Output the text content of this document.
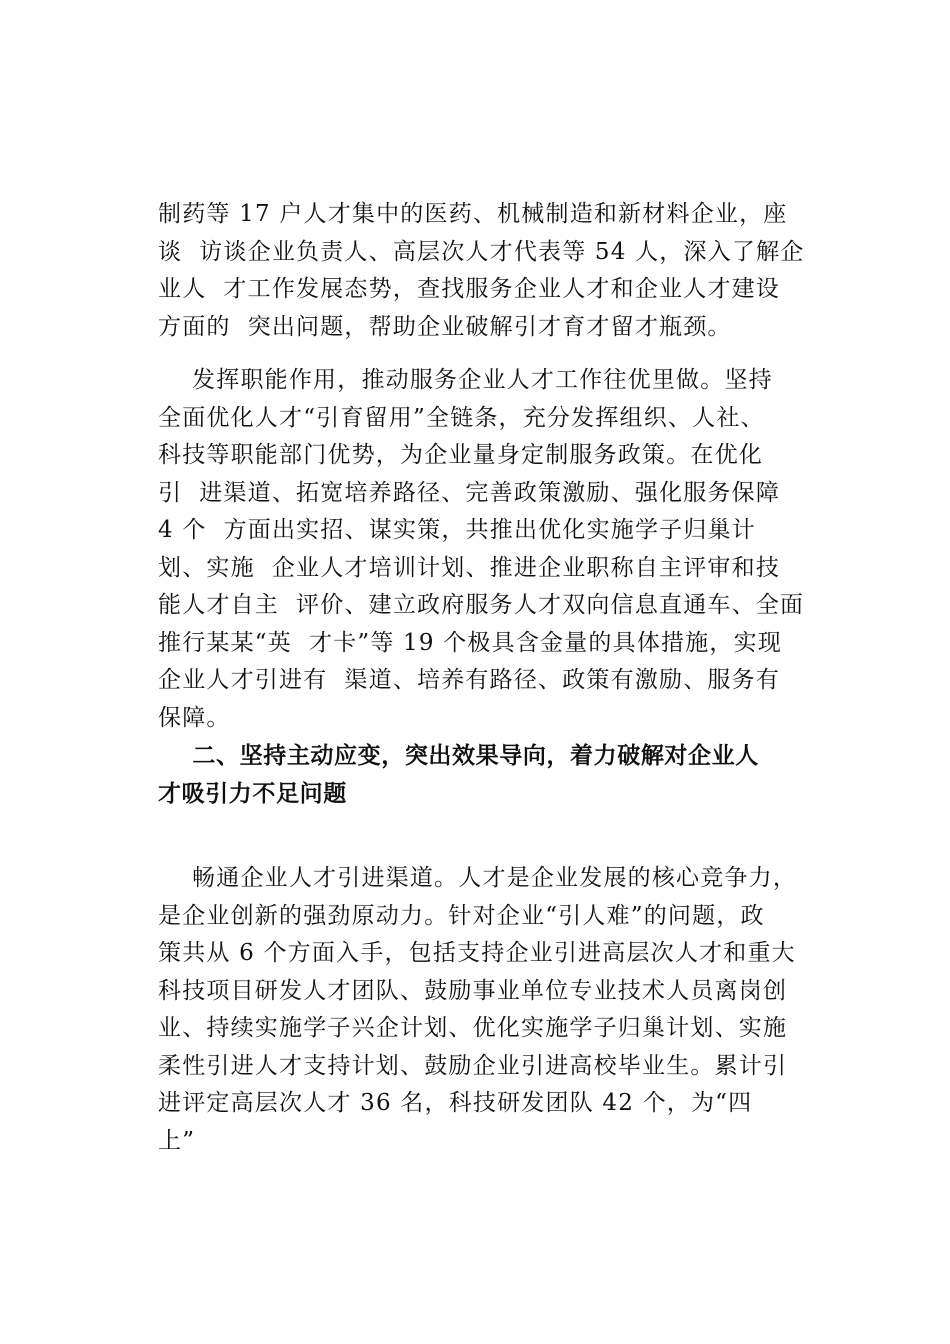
制药等 17 户人才集中的医药、机械制造和新材料企业，座
谈  访谈企业负责人、高层次人才代表等 54 人，深入了解企
业人  才工作发展态势，查找服务企业人才和企业人才建设
方面的  突出问题，帮助企业破解引才育才留才瓶颈。
发挥职能作用，推动服务企业人才工作往优里做。坚持
全面优化人才“引育留用”全链条，充分发挥组织、人社、
科技等职能部门优势，为企业量身定制服务政策。在优化
引  进渠道、拓宽培养路径、完善政策激励、强化服务保障
4 个  方面出实招、谋实策，共推出优化实施学子归巢计
划、实施  企业人才培训计划、推进企业职称自主评审和技
能人才自主  评价、建立政府服务人才双向信息直通车、全面
推行某某“英  才卡”等 19 个极具含金量的具体措施，实现
企业人才引进有  渠道、培养有路径、政策有激励、服务有
保障。
二、坚持主动应变，突出效果导向，着力破解对企业人
才吸引力不足问题
畅通企业人才引进渠道。人才是企业发展的核心竞争力，
是企业创新的强劲原动力。针对企业“引人难”的问题，政
策共从 6 个方面入手，包括支持企业引进高层次人才和重大
科技项目研发人才团队、鼓励事业单位专业技术人员离岗创
业、持续实施学子兴企计划、优化实施学子归巢计划、实施
柔性引进人才支持计划、鼓励企业引进高校毕业生。累计引
进评定高层次人才 36 名，科技研发团队 42 个，为“四
上”
